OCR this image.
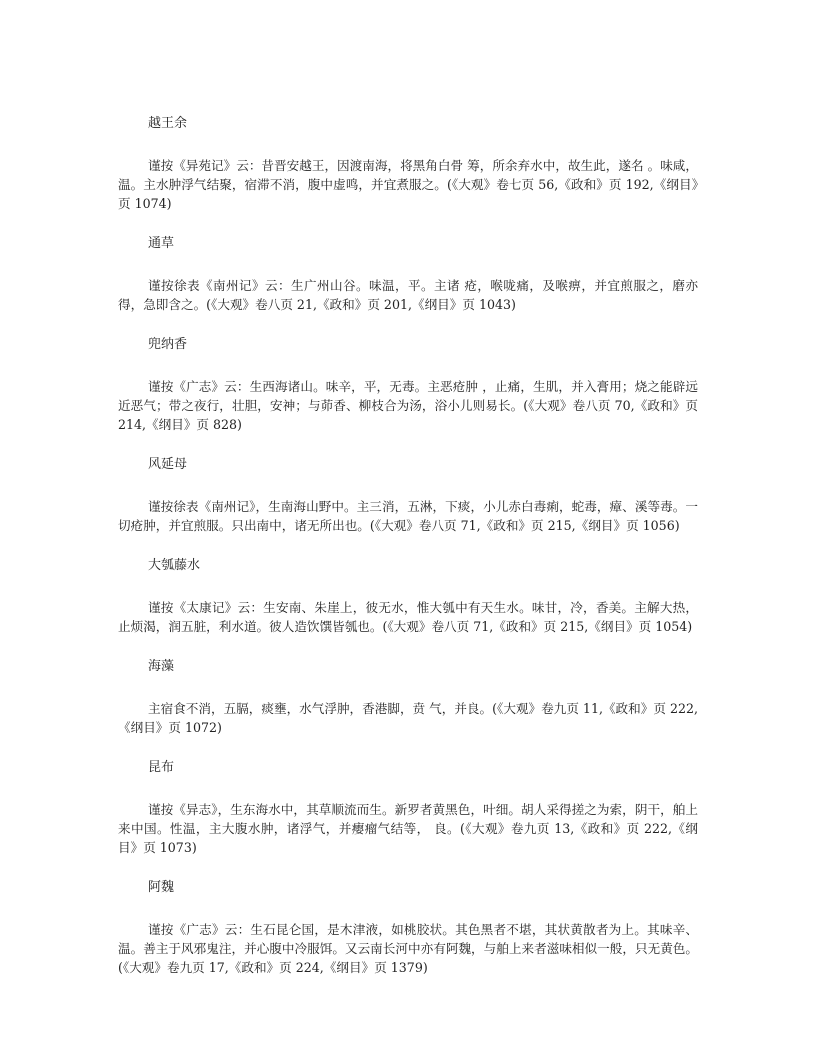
越王余

谨按《异苑记》云：昔晋安越王，因渡南海，将黑角白骨 筹，所余弃水中，故生此，遂名 。味咸，温。主水肿浮气结聚，宿滞不消，腹中虚鸣，并宜煮服之。(《大观》卷七页 56,《政和》页 192,《纲目》页 1074)

通草

谨按徐表《南州记》云：生广州山谷。味温，平。主诸 疮，喉咙痛，及喉痹，并宜煎服之，磨亦得，急即含之。(《大观》卷八页 21,《政和》页 201,《纲目》页 1043)

兜纳香

谨按《广志》云：生西海诸山。味辛，平，无毒。主恶疮肿 ，止痛，生肌，并入膏用；烧之能辟远近恶气；带之夜行，壮胆，安神；与茆香、柳枝合为汤，浴小儿则易长。(《大观》卷八页 70,《政和》页 214,《纲目》页 828)

风延母

谨按徐表《南州记》，生南海山野中。主三消，五淋，下痰，小儿赤白毒痢，蛇毒，瘴、溪等毒。一切疮肿，并宜煎服。只出南中，诸无所出也。(《大观》卷八页 71,《政和》页 215,《纲目》页 1056)

大瓠藤水

谨按《太康记》云：生安南、朱崖上，彼无水，惟大瓠中有天生水。味甘，冷，香美。主解大热，止烦渴，润五脏，利水道。彼人造饮馔皆瓠也。(《大观》卷八页 71,《政和》页 215,《纲目》页 1054)

海藻

主宿食不消，五膈，痰壅，水气浮肿，香港脚，贲 气，并良。(《大观》卷九页 11,《政和》页 222,《纲目》页 1072)

昆布

谨按《异志》，生东海水中，其草顺流而生。新罗者黄黑色，叶细。胡人采得搓之为索，阴干，舶上来中国。性温，主大腹水肿，诸浮气，并瘿瘤气结等， 良。(《大观》卷九页 13,《政和》页 222,《纲目》页 1073)

阿魏

谨按《广志》云：生石昆仑国，是木津液，如桃胶状。其色黑者不堪，其状黄散者为上。其味辛、温。善主于风邪鬼注，并心腹中冷服饵。又云南长河中亦有阿魏，与舶上来者滋味相似一般，只无黄色。(《大观》卷九页 17,《政和》页 224,《纲目》页 1379)
